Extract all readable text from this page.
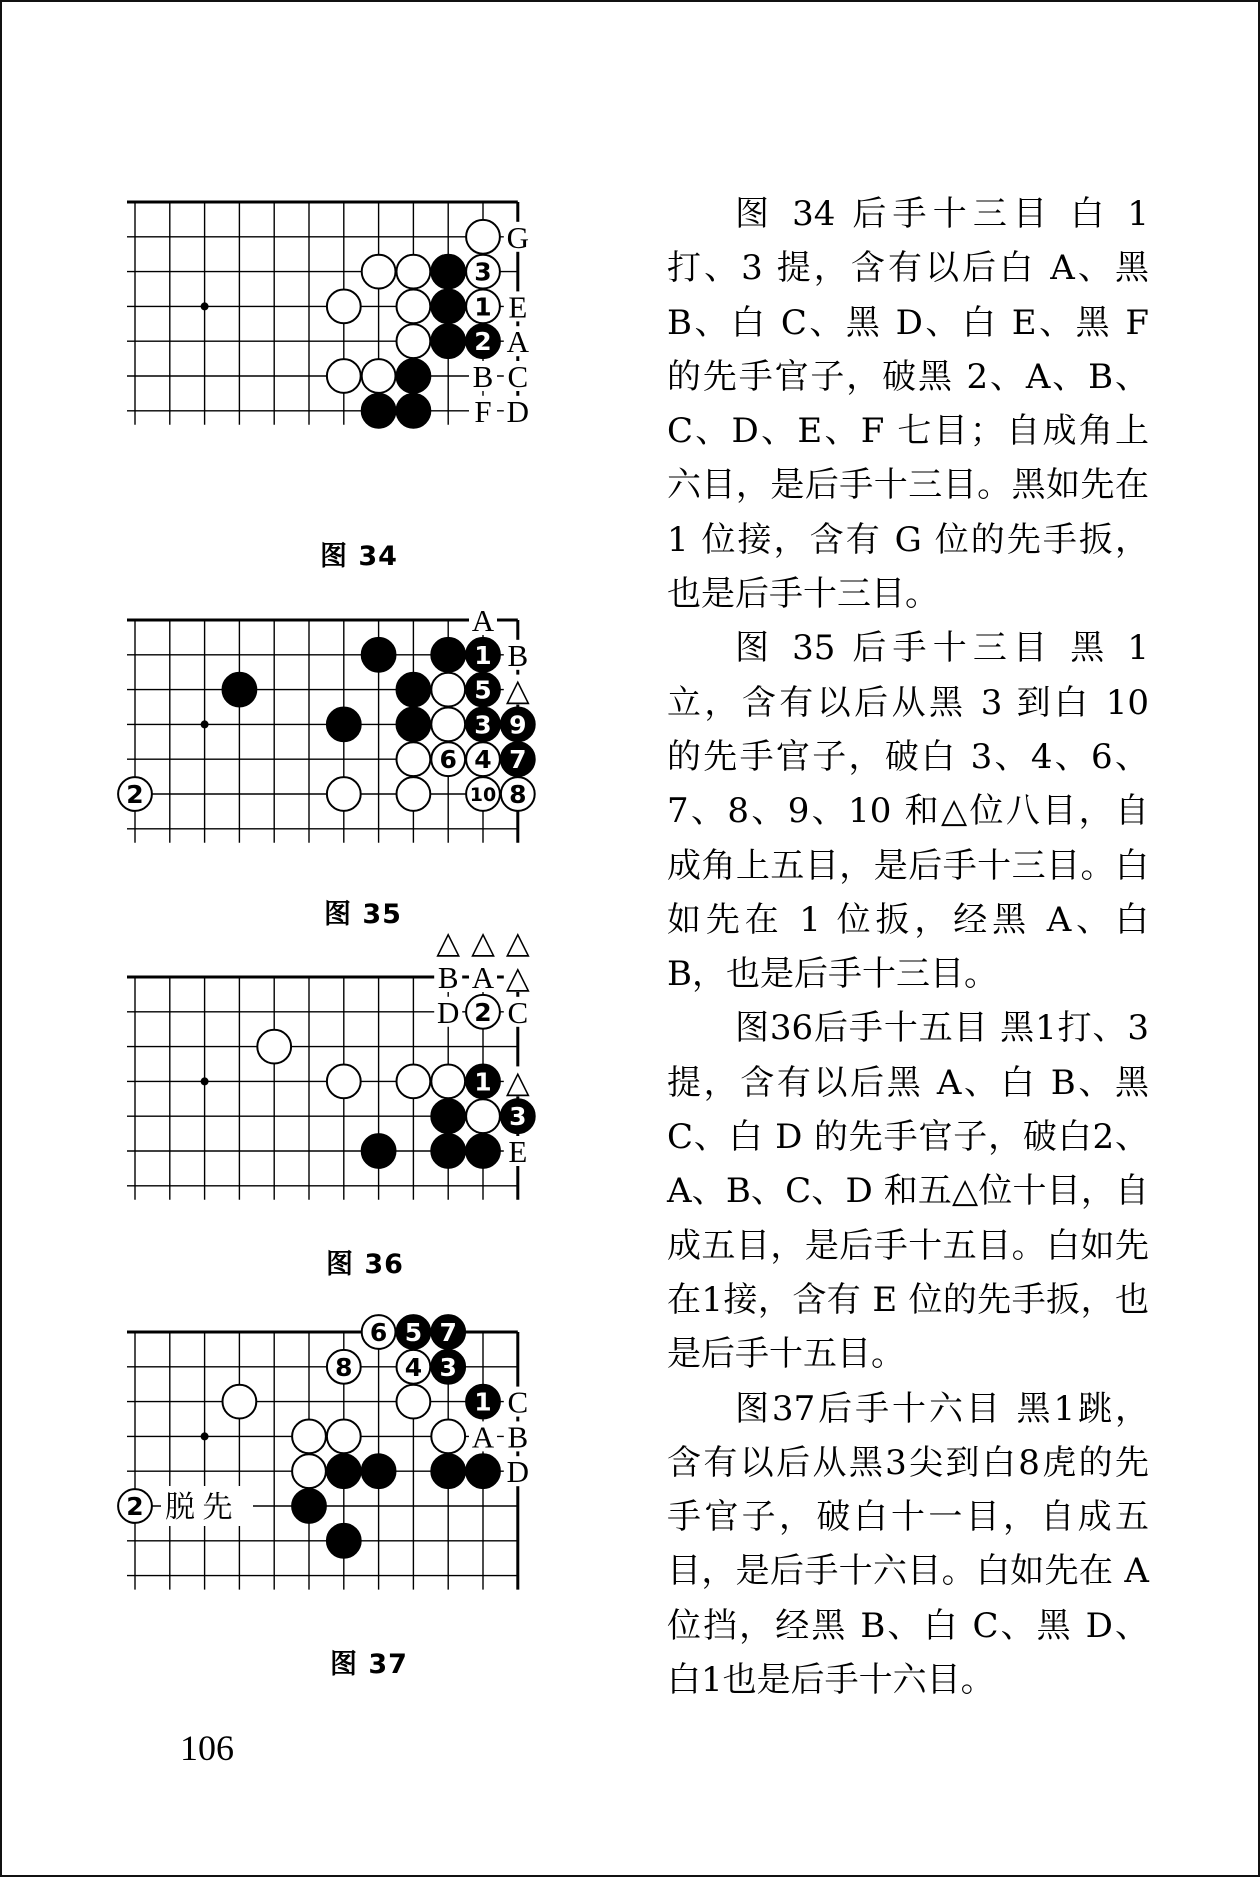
G
E
A
B C
F D
3
1
2
图 34
A
B
△
1
5
3 9
6 4 7
2	10 8
图 35
△ △ △
B A △
D C
△
E
2
1
3
图 36
C
A B
D
6 5 7
8 4 3
1
2 脱 先
图 37

图 34 后手十三目 白 1 打、3 提，含有以后白 A、黑 B、白 C、黑 D、白 E、黑 F 的先手官子，破黑 2、A、B、C、D、E、F 七目；自成角上六目，是后手十三目。黑如先在 1 位接，含有 G 位的先手扳，也是后手十三目。

图 35 后手十三目 黑 1 立，含有以后从黑 3 到白 10 的先手官子，破白 3、4、6、7、8、9、10 和△位八目，自成角上五目，是后手十三目。白如先在 1 位扳，经黑 A、白 B，也是后手十三目。

图36后手十五目 黑1打、3提，含有以后黑 A、白 B、黑 C、白 D 的先手官子，破白2、A、B、C、D 和五△位十目，自成五目，是后手十五目。白如先在1接，含有 E 位的先手扳，也是后手十五目。

图37后手十六目 黑1跳，含有以后从黑3尖到白8虎的先手官子，破白十一目，自成五目，是后手十六目。白如先在 A 位挡，经黑 B、白 C、黑 D、白1也是后手十六目。

106
